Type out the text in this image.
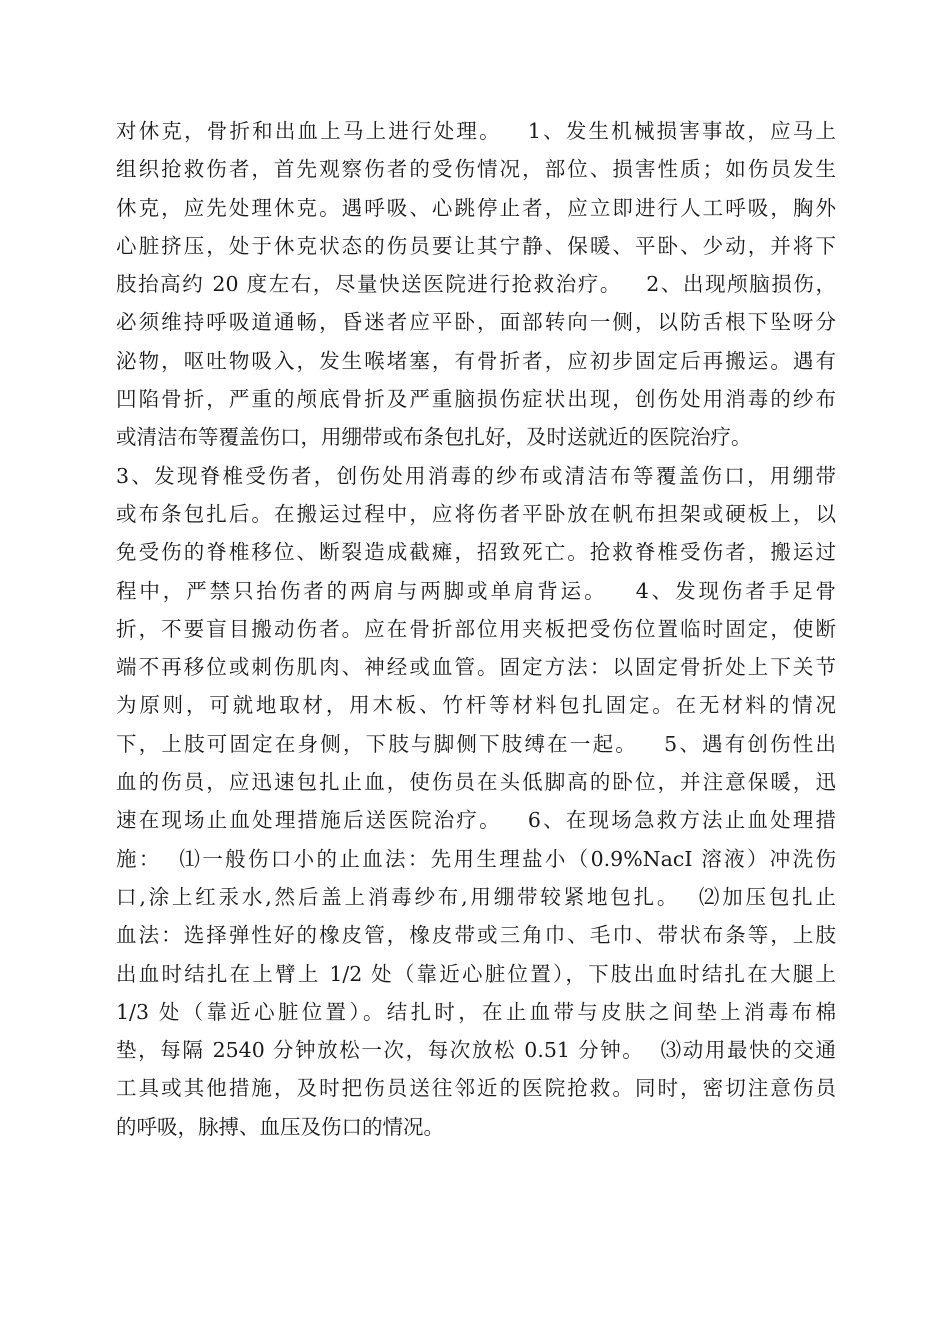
对休克，骨折和出血上马上进行处理。   1、发生机械损害事故，应马上
组织抢救伤者，首先观察伤者的受伤情况，部位、损害性质；如伤员发生
休克，应先处理休克。遇呼吸、心跳停止者，应立即进行人工呼吸，胸外
心脏挤压，处于休克状态的伤员要让其宁静、保暖、平卧、少动，并将下
肢抬高约 20 度左右，尽量快送医院进行抢救治疗。   2、出现颅脑损伤，
必须维持呼吸道通畅，昏迷者应平卧，面部转向一侧，以防舌根下坠呀分
泌物，呕吐物吸入，发生喉堵塞，有骨折者，应初步固定后再搬运。遇有
凹陷骨折，严重的颅底骨折及严重脑损伤症状出现，创伤处用消毒的纱布
或清洁布等覆盖伤口，用绷带或布条包扎好，及时送就近的医院治疗。
3、发现脊椎受伤者，创伤处用消毒的纱布或清洁布等覆盖伤口，用绷带
或布条包扎后。在搬运过程中，应将伤者平卧放在帆布担架或硬板上，以
免受伤的脊椎移位、断裂造成截瘫，招致死亡。抢救脊椎受伤者，搬运过
程中，严禁只抬伤者的两肩与两脚或单肩背运。   4、发现伤者手足骨
折，不要盲目搬动伤者。应在骨折部位用夹板把受伤位置临时固定，使断
端不再移位或刺伤肌肉、神经或血管。固定方法：以固定骨折处上下关节
为原则，可就地取材，用木板、竹杆等材料包扎固定。在无材料的情况
下，上肢可固定在身侧，下肢与脚侧下肢缚在一起。   5、遇有创伤性出
血的伤员，应迅速包扎止血，使伤员在头低脚高的卧位，并注意保暖，迅
速在现场止血处理措施后送医院治疗。   6、在现场急救方法止血处理措
施：  ⑴一般伤口小的止血法：先用生理盐小（0.9%NacI 溶液）冲洗伤
口,涂上红汞水,然后盖上消毒纱布,用绷带较紧地包扎。  ⑵加压包扎止
血法：选择弹性好的橡皮管，橡皮带或三角巾、毛巾、带状布条等，上肢
出血时结扎在上臂上 1/2 处（靠近心脏位置），下肢出血时结扎在大腿上
1/3 处（靠近心脏位置）。结扎时，在止血带与皮肤之间垫上消毒布棉
垫，每隔 2540 分钟放松一次，每次放松 0.51 分钟。  ⑶动用最快的交通
工具或其他措施，及时把伤员送往邻近的医院抢救。同时，密切注意伤员
的呼吸，脉搏、血压及伤口的情况。
